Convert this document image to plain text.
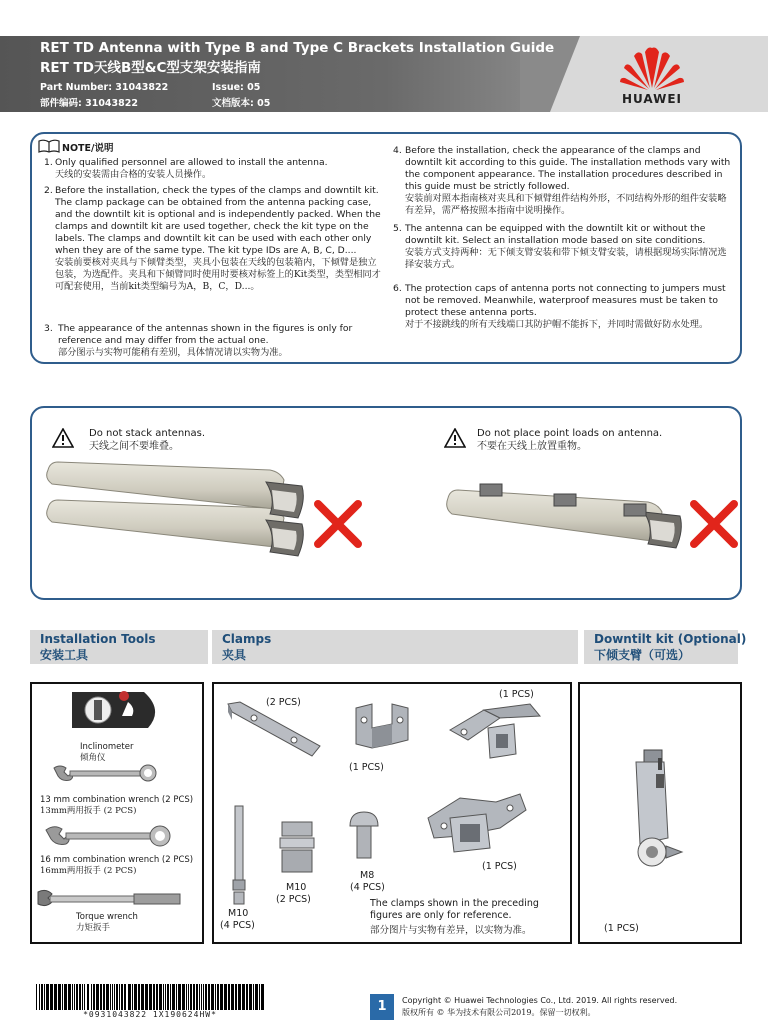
RET TD Antenna with Type B and Type C Brackets Installation Guide
RET TD天线B型&C型支架安装指南
Part Number: 31043822
部件编码: 31043822
Issue: 05
文档版本: 05	HUAWEI
NOTE/说明
1. Only qualified personnel are allowed to install the antenna.
天线的安装需由合格的安装人员操作。
2. Before the installation, check the types of the clamps and downtilt kit. The clamp package can be obtained from the antenna packing case, and the downtilt kit is optional and is independently packed. When the clamps and downtilt kit are used together, check the kit type on the labels. The clamps and downtilt kit can be used with each other only when they are of the same type. The kit type IDs are A, B, C, D....
安装前要核对夹具与下倾臂类型，夹具小包装在天线的包装箱内，下倾臂是独立包装，为选配件。夹具和下倾臂同时使用时要核对标签上的Kit类型，类型相同才可配套使用，当前kit类型编号为A，B，C，D...。
3. The appearance of the antennas shown in the figures is only for reference and may differ from the actual one.
部分图示与实物可能稍有差别，具体情况请以实物为准。
4. Before the installation, check the appearance of the clamps and downtilt kit according to this guide. The installation methods vary with the component appearance. The installation procedures described in this guide must be strictly followed.
安装前对照本指南核对夹具和下倾臂组件结构外形，不同结构外形的组件安装略有差异，需严格按照本指南中说明操作。
5. The antenna can be equipped with the downtilt kit or without the downtilt kit. Select an installation mode based on site conditions.
安装方式支持两种：无下倾支臂安装和带下倾支臂安装，请根据现场实际情况选择安装方式。
6. The protection caps of antenna ports not connecting to jumpers must not be removed. Meanwhile, waterproof measures must be taken to protect these antenna ports.
对于不接跳线的所有天线端口其防护帽不能拆下，并同时需做好防水处理。
Do not stack antennas.
天线之间不要堆叠。
Do not place point loads on antenna.
不要在天线上放置重物。
Installation Tools
安装工具
Clamps
夹具
Downtilt kit (Optional)
下倾支臂（可选）
Inclinometer
倾角仪
13 mm combination wrench (2 PCS)
13mm两用扳手 (2 PCS)
16 mm combination wrench (2 PCS)
16mm两用扳手 (2 PCS)
Torque wrench
力矩扳手
(2 PCS)
(1 PCS)
(1 PCS)
M10
(4 PCS)
M10
(2 PCS)
M8
(4 PCS)
(1 PCS)
The clamps shown in the preceding figures are only for reference.
部分图片与实物有差异，以实物为准。	(1 PCS)
*0931043822 1X190624HW*
1	Copyright © Huawei Technologies Co., Ltd. 2019. All rights reserved.
版权所有 © 华为技术有限公司2019。保留一切权利。
